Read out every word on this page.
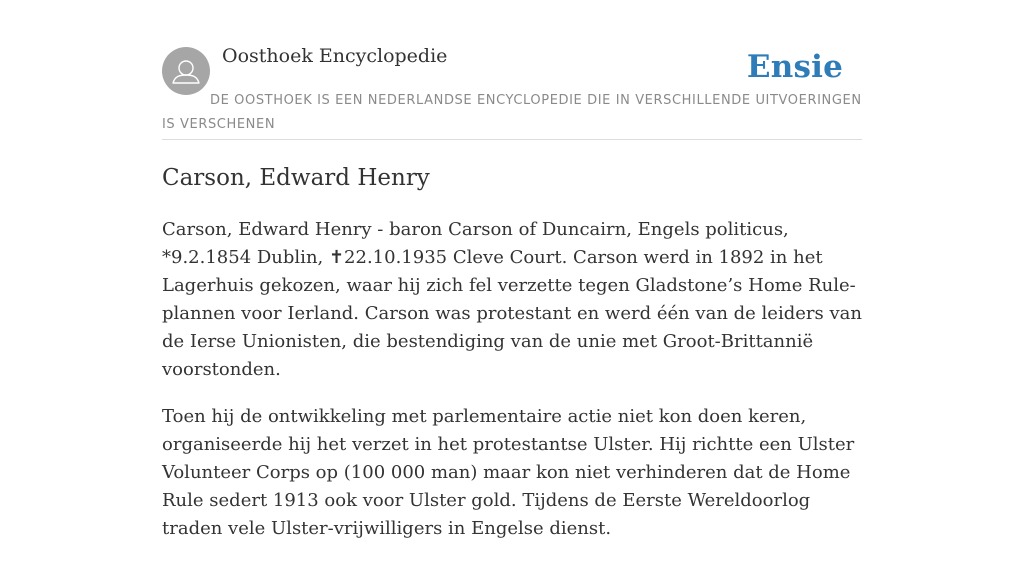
Oosthoek Encyclopedie	Ensie
DE OOSTHOEK IS EEN NEDERLANDSE ENCYCLOPEDIE DIE IN VERSCHILLENDE UITVOERINGEN IS VERSCHENEN
Carson, Edward Henry

Carson, Edward Henry - baron Carson of Duncairn, Engels politicus, *9.2.1854 Dublin, ✝22.10.1935 Cleve Court. Carson werd in 1892 in het Lagerhuis gekozen, waar hij zich fel verzette tegen Gladstone’s Home Rule-plannen voor Ierland. Carson was protestant en werd één van de leiders van de Ierse Unionisten, die bestendiging van de unie met Groot-Brittannië voorstonden.

Toen hij de ontwikkeling met parlementaire actie niet kon doen keren, organiseerde hij het verzet in het protestantse Ulster. Hij richtte een Ulster Volunteer Corps op (100 000 man) maar kon niet verhinderen dat de Home Rule sedert 1913 ook voor Ulster gold. Tijdens de Eerste Wereldoorlog traden vele Ulster-vrijwilligers in Engelse dienst.
